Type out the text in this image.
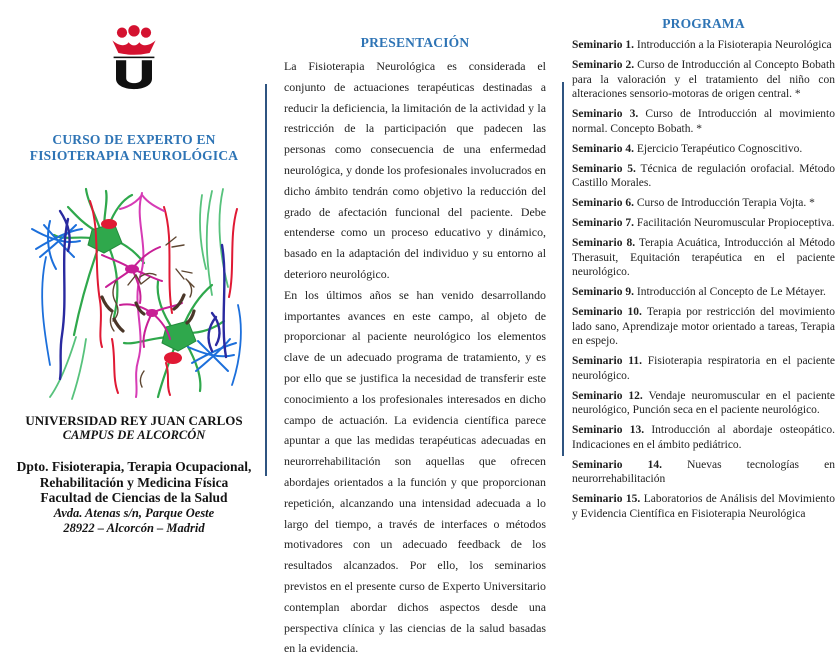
CURSO DE EXPERTO EN
FISIOTERAPIA NEUROLÓGICA
UNIVERSIDAD REY JUAN CARLOS
CAMPUS DE ALCORCÓN
Dpto. Fisioterapia, Terapia Ocupacional,
Rehabilitación y Medicina Física
Facultad de Ciencias de la Salud
Avda. Atenas s/n, Parque Oeste
28922 – Alcorcón – Madrid
PRESENTACIÓN

La Fisioterapia Neurológica es considerada el conjunto de actuaciones terapéuticas destinadas a reducir la deficiencia, la limitación de la actividad y la restricción de la participación que padecen las personas como consecuencia de una enfermedad neurológica, y donde los profesionales involucrados en dicho ámbito tendrán como objetivo la reducción del grado de afectación funcional del paciente. Debe entenderse como un proceso educativo y dinámico, basado en la adaptación del individuo y su entorno al deterioro neurológico.

En los últimos años se han venido desarrollando importantes avances en este campo, al objeto de proporcionar al paciente neurológico los elementos clave de un adecuado programa de tratamiento, y es por ello que se justifica la necesidad de transferir este conocimiento a los profesionales interesados en dicho campo de actuación. La evidencia científica parece apuntar a que las medidas terapéuticas adecuadas en neurorrehabilitación son aquellas que ofrecen abordajes orientados a la función y que proporcionan repetición, alcanzando una intensidad adecuada a lo largo del tiempo, a través de interfaces o métodos motivadores con un adecuado feedback de los resultados alcanzados. Por ello, los seminarios previstos en el presente curso de Experto Universitario contemplan abordar dichos aspectos desde una perspectiva clínica y las ciencias de la salud basadas en la evidencia.

PROGRAMA

Seminario 1. Introducción a la Fisioterapia Neurológica

Seminario 2. Curso de Introducción al Concepto Bobath para la valoración y el tratamiento del niño con alteraciones sensorio-motoras de origen central. *

Seminario 3. Curso de Introducción al movimiento normal. Concepto Bobath. *

Seminario 4. Ejercicio Terapéutico Cognoscitivo.

Seminario 5. Técnica de regulación orofacial. Método Castillo Morales.

Seminario 6. Curso de Introducción Terapia Vojta. *

Seminario 7. Facilitación Neuromuscular Propioceptiva.

Seminario 8. Terapia Acuática, Introducción al Método Therasuit, Equitación terapéutica en el paciente neurológico.

Seminario 9. Introducción al Concepto de Le Métayer.

Seminario 10. Terapia por restricción del movimiento lado sano, Aprendizaje motor orientado a tareas, Terapia en espejo.

Seminario 11. Fisioterapia respiratoria en el paciente neurológico.

Seminario 12. Vendaje neuromuscular en el paciente neurológico, Punción seca en el paciente neurológico.

Seminario 13. Introducción al abordaje osteopático. Indicaciones en el ámbito pediátrico.

Seminario 14. Nuevas tecnologías en neurorrehabilitación

Seminario 15. Laboratorios de Análisis del Movimiento y Evidencia Científica en Fisioterapia Neurológica
